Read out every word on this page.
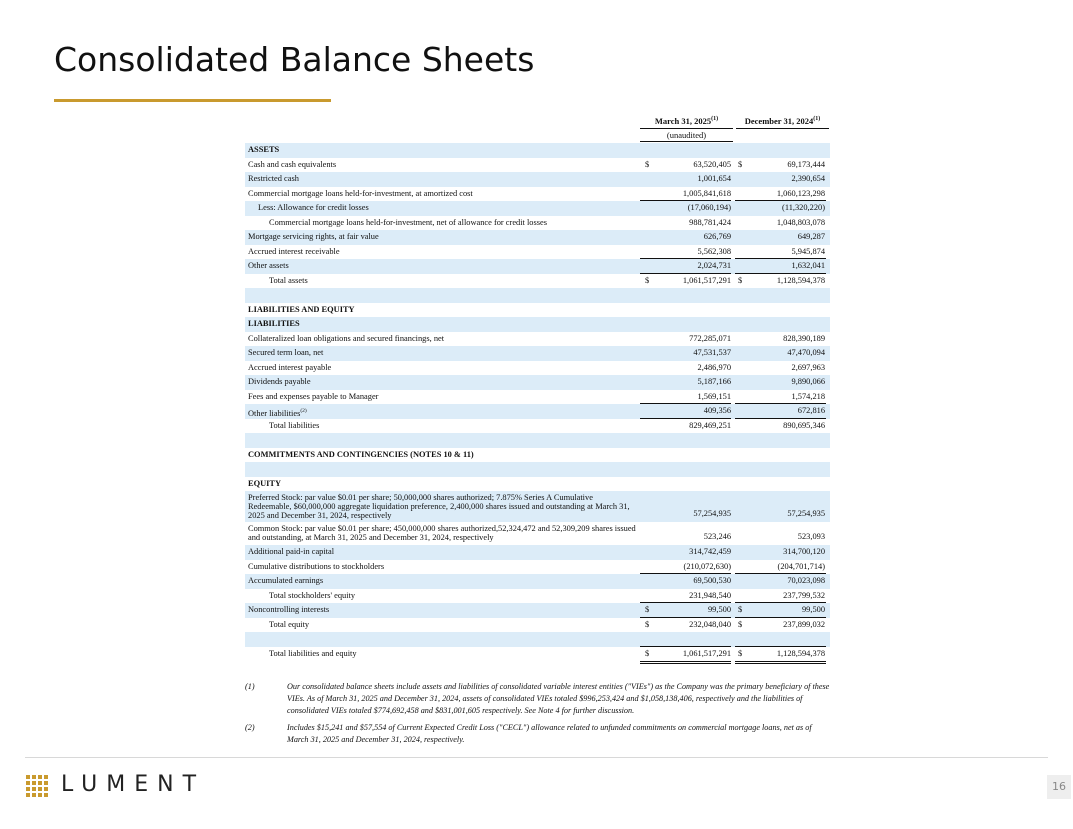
Consolidated Balance Sheets
March 31, 2025$^{(1)}$	December 31, 2024$^{(1)}$
(unaudited)
ASSETS
Cash and cash equivalents	$	63,520,405 $	69,173,444
Restricted cash	1,001,654	2,390,654
Commercial mortgage loans held-for-investment, at amortized cost	1,005,841,618	1,060,123,298
Less: Allowance for credit losses	(17,060,194)	(11,320,220)
Commercial mortgage loans held-for-investment, net of allowance for credit losses	988,781,424	1,048,803,078
Mortgage servicing rights, at fair value	626,769	649,287
Accrued interest receivable	5,562,308	5,945,874
Other assets	2,024,731	1,632,041
Total assets	$	1,061,517,291 $	1,128,594,378
LIABILITIES AND EQUITY
LIABILITIES
Collateralized loan obligations and secured financings, net	772,285,071	828,390,189
Secured term loan, net	47,531,537	47,470,094
Accrued interest payable	2,486,970	2,697,963
Dividends payable	5,187,166	9,890,066
Fees and expenses payable to Manager	1,569,151	1,574,218
Other liabilities$^{(2)}$	409,356	672,816
Total liabilities	829,469,251	890,695,346
COMMITMENTS AND CONTINGENCIES (NOTES 10 & 11)
EQUITY
Preferred Stock: par value $0.01 per share; 50,000,000 shares authorized; 7.875% Series A Cumulative Redeemable, $60,000,000 aggregate liquidation preference, 2,400,000 shares issued and outstanding at March 31, 2025 and December 31, 2024, respectively	57,254,935	57,254,935
Common Stock: par value $0.01 per share; 450,000,000 shares authorized,52,324,472 and 52,309,209 shares issued and outstanding, at March 31, 2025 and December 31, 2024, respectively	523,246	523,093
Additional paid-in capital	314,742,459	314,700,120
Cumulative distributions to stockholders	(210,072,630)	(204,701,714)
Accumulated earnings	69,500,530	70,023,098
Total stockholders' equity	231,948,540	237,799,532
Noncontrolling interests	$	99,500 $	99,500
Total equity	$	232,048,040 $	237,899,032
Total liabilities and equity	$	1,061,517,291 $	1,128,594,378
(1)	Our consolidated balance sheets include assets and liabilities of consolidated variable interest entities ("VIEs") as the Company was the primary beneficiary of these VIEs. As of March 31, 2025 and December 31, 2024, assets of consolidated VIEs totaled $996,253,424 and $1,058,138,406, respectively and the liabilities of consolidated VIEs totaled $774,692,458 and $831,001,605 respectively. See Note 4 for further discussion.
(2)	Includes $15,241 and $57,554 of Current Expected Credit Loss ("CECL") allowance related to unfunded commitments on commercial mortgage loans, net as of March 31, 2025 and December 31, 2024, respectively.
LUMENT	16
